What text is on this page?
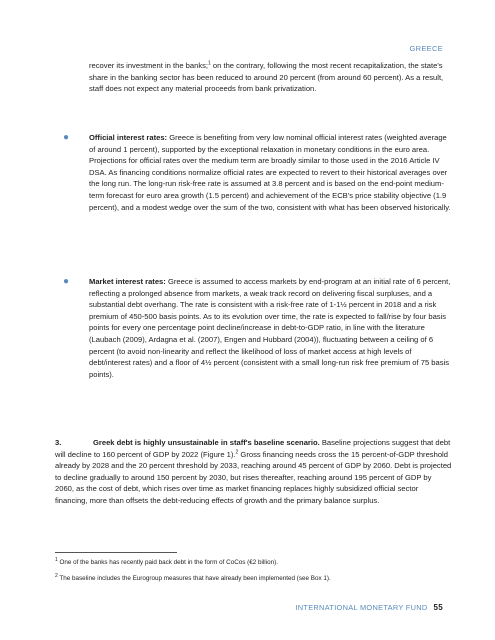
GREECE
recover its investment in the banks;$^1$ on the contrary, following the most recent recapitalization, the state's share in the banking sector has been reduced to around 20 percent (from around 60 percent). As a result, staff does not expect any material proceeds from bank privatization.
●	Official interest rates: Greece is benefiting from very low nominal official interest rates (weighted average of around 1 percent), supported by the exceptional relaxation in monetary conditions in the euro area. Projections for official rates over the medium term are broadly similar to those used in the 2016 Article IV DSA. As financing conditions normalize official rates are expected to revert to their historical averages over the long run. The long-run risk-free rate is assumed at 3.8 percent and is based on the end-point medium-term forecast for euro area growth (1.5 percent) and achievement of the ECB's price stability objective (1.9 percent), and a modest wedge over the sum of the two, consistent with what has been observed historically.
●	Market interest rates: Greece is assumed to access markets by end-program at an initial rate of 6 percent, reflecting a prolonged absence from markets, a weak track record on delivering fiscal surpluses, and a substantial debt overhang. The rate is consistent with a risk-free rate of 1-1½ percent in 2018 and a risk premium of 450-500 basis points. As to its evolution over time, the rate is expected to fall/rise by four basis points for every one percentage point decline/increase in debt-to-GDP ratio, in line with the literature (Laubach (2009), Ardagna et al. (2007), Engen and Hubbard (2004)), fluctuating between a ceiling of 6 percent (to avoid non-linearity and reflect the likelihood of loss of market access at high levels of debt/interest rates) and a floor of 4½ percent (consistent with a small long-run risk free premium of 75 basis points).
3.	Greek debt is highly unsustainable in staff's baseline scenario. Baseline projections suggest that debt will decline to 160 percent of GDP by 2022 (Figure 1).$^2$ Gross financing needs cross the 15 percent-of-GDP threshold already by 2028 and the 20 percent threshold by 2033, reaching around 45 percent of GDP by 2060. Debt is projected to decline gradually to around 150 percent by 2030, but rises thereafter, reaching around 195 percent of GDP by 2060, as the cost of debt, which rises over time as market financing replaces highly subsidized official sector financing, more than offsets the debt-reducing effects of growth and the primary balance surplus.
$^1$ One of the banks has recently paid back debt in the form of CoCos (€2 billion).
$^2$ The baseline includes the Eurogroup measures that have already been implemented (see Box 1).
INTERNATIONAL MONETARY FUND 55
